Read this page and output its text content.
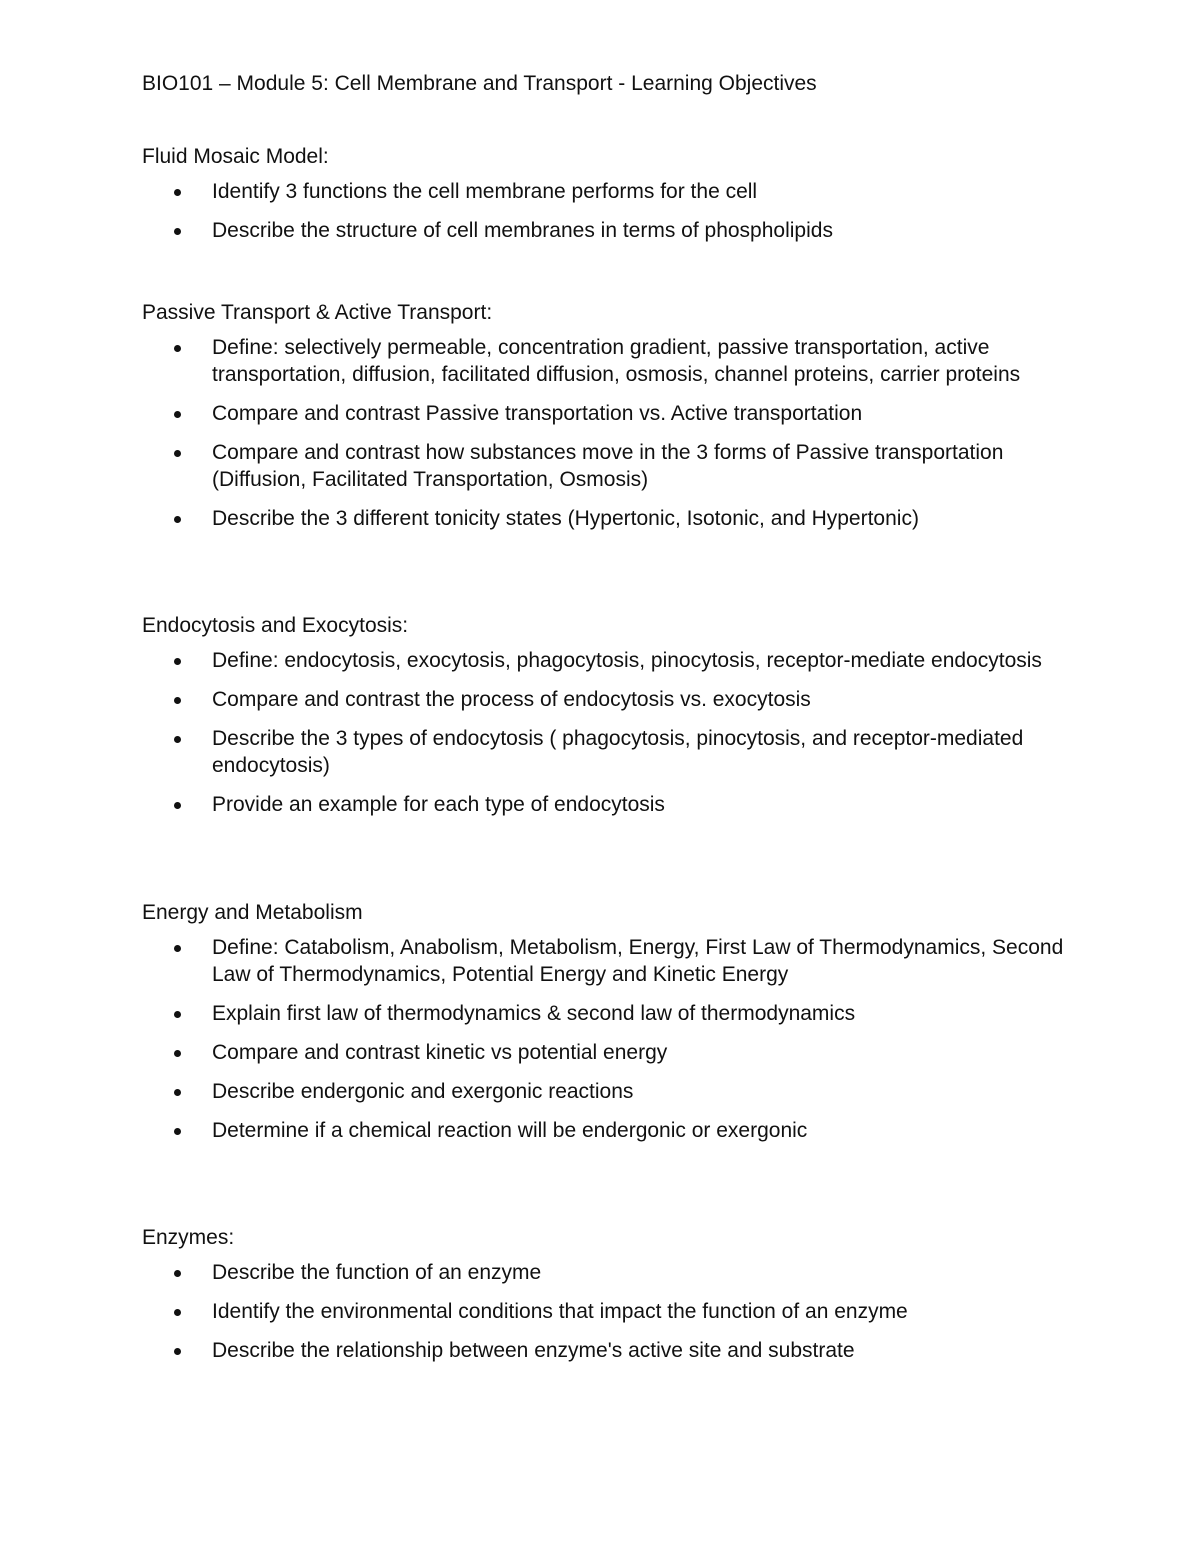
BIO101 – Module 5: Cell Membrane and Transport - Learning Objectives
Fluid Mosaic Model:
Identify 3 functions the cell membrane performs for the cell
Describe the structure of cell membranes in terms of phospholipids
Passive Transport & Active Transport:
Define: selectively permeable, concentration gradient, passive transportation, active transportation, diffusion, facilitated diffusion, osmosis, channel proteins, carrier proteins
Compare and contrast Passive transportation vs. Active transportation
Compare and contrast how substances move in the 3 forms of Passive transportation (Diffusion, Facilitated Transportation, Osmosis)
Describe the 3 different tonicity states (Hypertonic, Isotonic, and Hypertonic)
Endocytosis and Exocytosis:
Define: endocytosis, exocytosis, phagocytosis, pinocytosis, receptor-mediate endocytosis
Compare and contrast the process of endocytosis vs. exocytosis
Describe the 3 types of endocytosis ( phagocytosis, pinocytosis, and receptor-mediated endocytosis)
Provide an example for each type of endocytosis
Energy and Metabolism
Define: Catabolism, Anabolism, Metabolism, Energy, First Law of Thermodynamics, Second Law of Thermodynamics, Potential Energy and Kinetic Energy
Explain first law of thermodynamics & second law of thermodynamics
Compare and contrast kinetic vs potential energy
Describe endergonic and exergonic reactions
Determine if a chemical reaction will be endergonic or exergonic
Enzymes:
Describe the function of an enzyme
Identify the environmental conditions that impact the function of an enzyme
Describe the relationship between enzyme's active site and substrate
